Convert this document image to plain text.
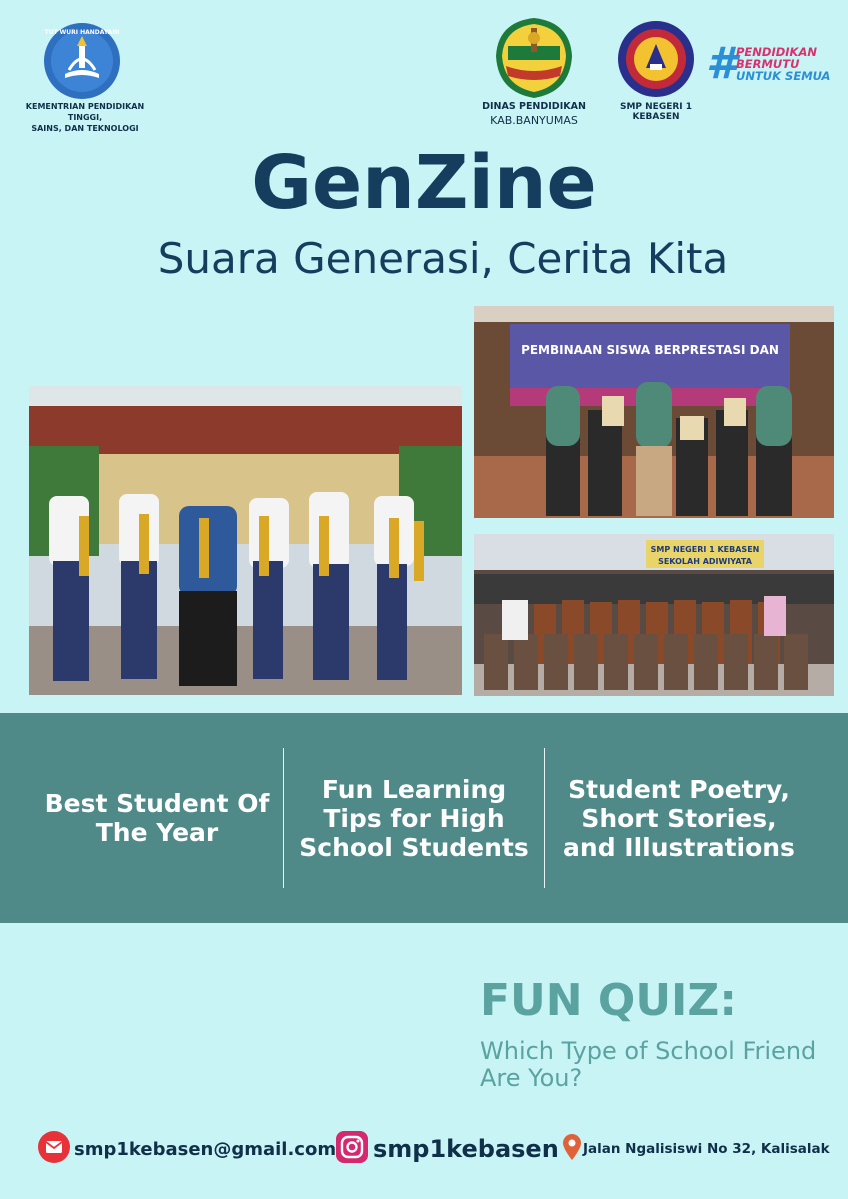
TUT WURI HANDAYANI
KEMENTRIAN PENDIDIKAN TINGGI,
SAINS, DAN TEKNOLOGI
DINAS PENDIDIKAN
KAB.BANYUMAS
SMP NEGERI 1 KEBASEN
# PENDIDIKAN
BERMUTU
UNTUK SEMUA
GenZine
Suara Generasi, Cerita Kita
PEMBINAAN SISWA BERPRESTASI DAN
SMP NEGERI 1 KEBASEN
SEKOLAH ADIWIYATA
Best Student Of The Year
Fun Learning Tips for High School Students
Student Poetry, Short Stories, and Illustrations
FUN QUIZ:
Which Type of School Friend Are You?
smp1kebasen@gmail.com smp1kebasen Jalan Ngalisiswi No 32, Kalisalak
